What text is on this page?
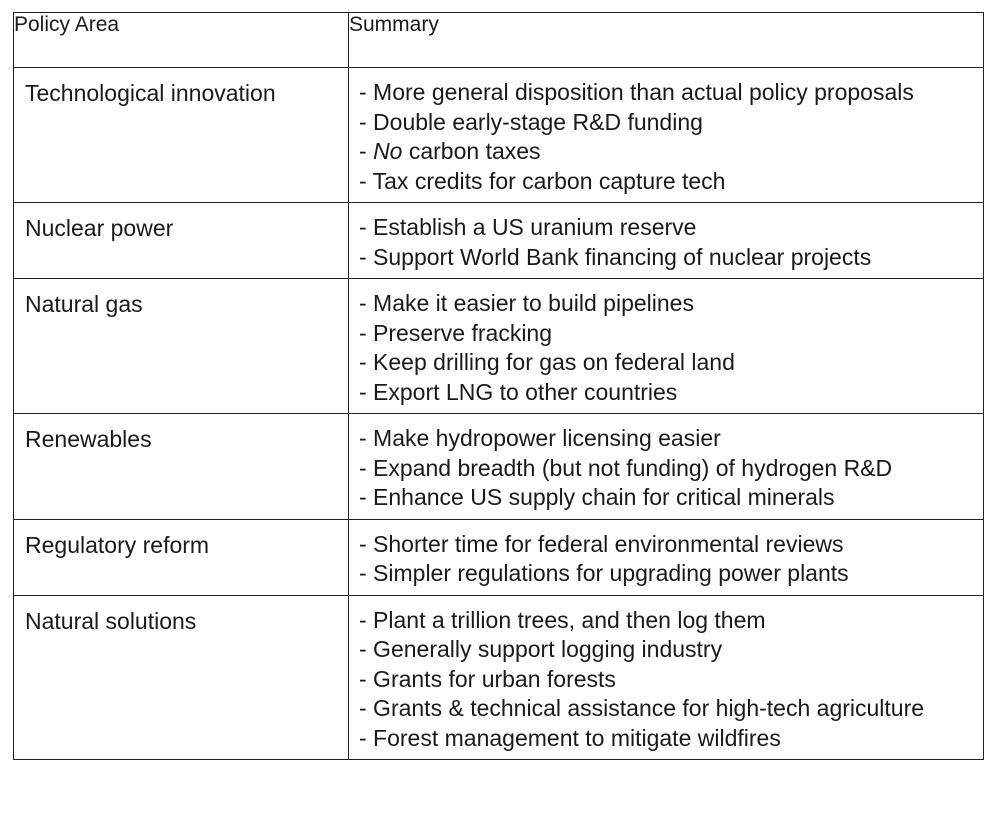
Policy Area	Summary
Technological innovation	- More general disposition than actual policy proposals
- Double early-stage R&D funding
- No carbon taxes
- Tax credits for carbon capture tech

Nuclear power	- Establish a US uranium reserve
- Support World Bank financing of nuclear projects

Natural gas	- Make it easier to build pipelines
- Preserve fracking
- Keep drilling for gas on federal land
- Export LNG to other countries

Renewables	- Make hydropower licensing easier
- Expand breadth (but not funding) of hydrogen R&D
- Enhance US supply chain for critical minerals

Regulatory reform	- Shorter time for federal environmental reviews
- Simpler regulations for upgrading power plants

Natural solutions	- Plant a trillion trees, and then log them
- Generally support logging industry
- Grants for urban forests
- Grants & technical assistance for high-tech agriculture
- Forest management to mitigate wildfires
